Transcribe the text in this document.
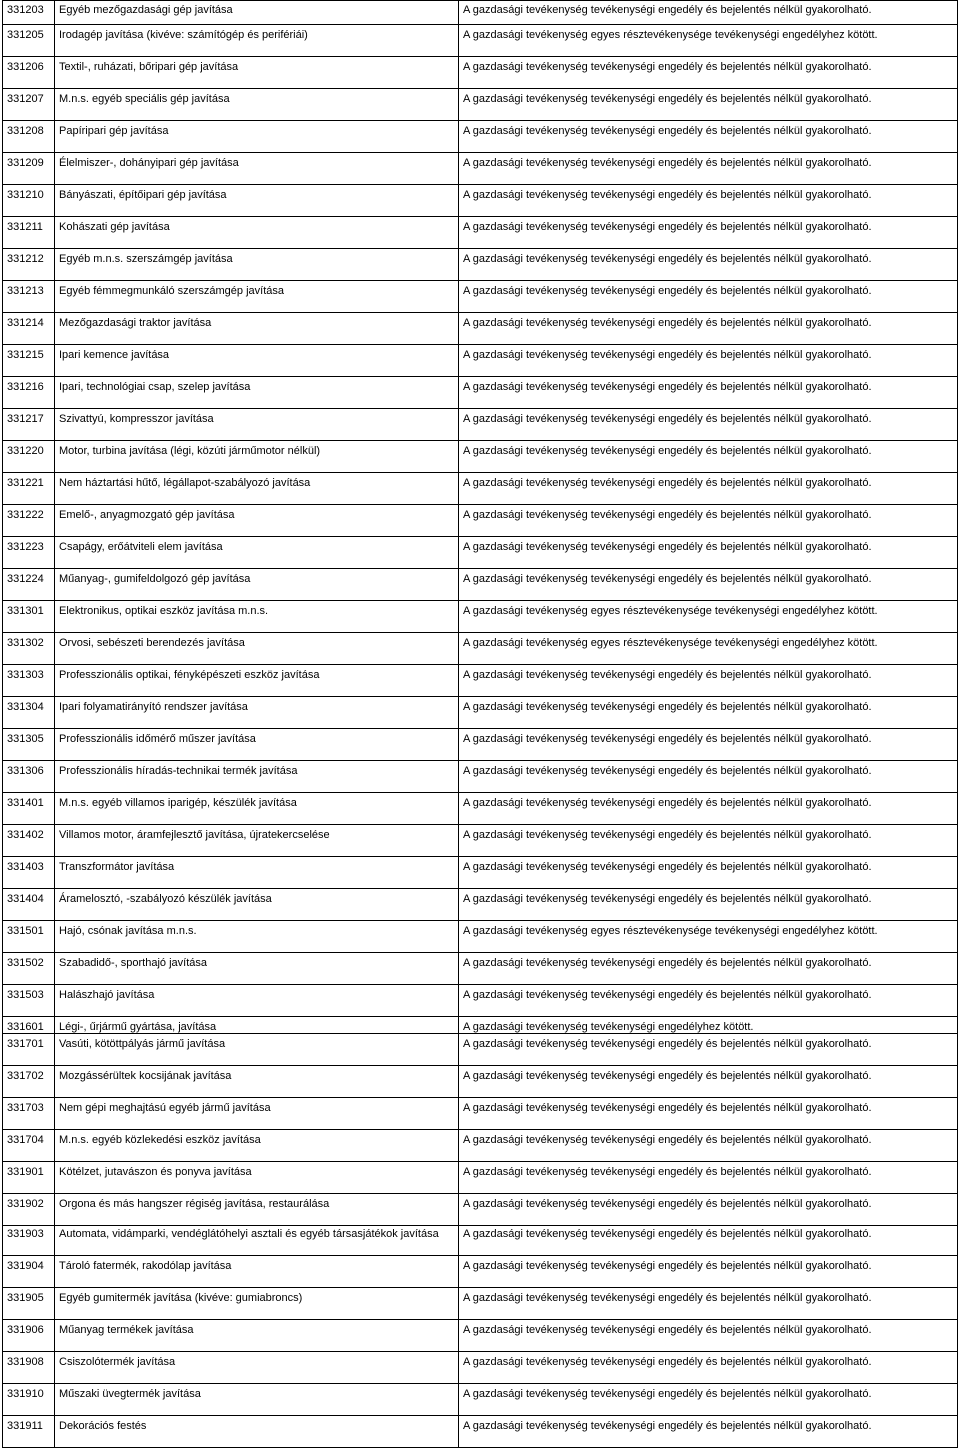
331203	Egyéb mezőgazdasági gép javítása	A gazdasági tevékenység tevékenységi engedély és bejelentés nélkül gyakorolható.
331205	Irodagép javítása (kivéve: számítógép és perifériái)	A gazdasági tevékenység egyes résztevékenysége tevékenységi engedélyhez kötött.
331206	Textil-, ruházati, bőripari gép javítása	A gazdasági tevékenység tevékenységi engedély és bejelentés nélkül gyakorolható.
331207	M.n.s. egyéb speciális gép javítása	A gazdasági tevékenység tevékenységi engedély és bejelentés nélkül gyakorolható.
331208	Papíripari gép javítása	A gazdasági tevékenység tevékenységi engedély és bejelentés nélkül gyakorolható.
331209	Élelmiszer-, dohányipari gép javítása	A gazdasági tevékenység tevékenységi engedély és bejelentés nélkül gyakorolható.
331210	Bányászati, építőipari gép javítása	A gazdasági tevékenység tevékenységi engedély és bejelentés nélkül gyakorolható.
331211	Kohászati gép javítása	A gazdasági tevékenység tevékenységi engedély és bejelentés nélkül gyakorolható.
331212	Egyéb m.n.s. szerszámgép javítása	A gazdasági tevékenység tevékenységi engedély és bejelentés nélkül gyakorolható.
331213	Egyéb fémmegmunkáló szerszámgép javítása	A gazdasági tevékenység tevékenységi engedély és bejelentés nélkül gyakorolható.
331214	Mezőgazdasági traktor javítása	A gazdasági tevékenység tevékenységi engedély és bejelentés nélkül gyakorolható.
331215	Ipari kemence javítása	A gazdasági tevékenység tevékenységi engedély és bejelentés nélkül gyakorolható.
331216	Ipari, technológiai csap, szelep javítása	A gazdasági tevékenység tevékenységi engedély és bejelentés nélkül gyakorolható.
331217	Szivattyú, kompresszor javítása	A gazdasági tevékenység tevékenységi engedély és bejelentés nélkül gyakorolható.
331220	Motor, turbina javítása (légi, közúti járműmotor nélkül)	A gazdasági tevékenység tevékenységi engedély és bejelentés nélkül gyakorolható.
331221	Nem háztartási hűtő, légállapot-szabályozó javítása	A gazdasági tevékenység tevékenységi engedély és bejelentés nélkül gyakorolható.
331222	Emelő-, anyagmozgató gép javítása	A gazdasági tevékenység tevékenységi engedély és bejelentés nélkül gyakorolható.
331223	Csapágy, erőátviteli elem javítása	A gazdasági tevékenység tevékenységi engedély és bejelentés nélkül gyakorolható.
331224	Műanyag-, gumifeldolgozó gép javítása	A gazdasági tevékenység tevékenységi engedély és bejelentés nélkül gyakorolható.
331301	Elektronikus, optikai eszköz javítása m.n.s.	A gazdasági tevékenység egyes résztevékenysége tevékenységi engedélyhez kötött.
331302	Orvosi, sebészeti berendezés javítása	A gazdasági tevékenység egyes résztevékenysége tevékenységi engedélyhez kötött.
331303	Professzionális optikai, fényképészeti eszköz javítása	A gazdasági tevékenység tevékenységi engedély és bejelentés nélkül gyakorolható.
331304	Ipari folyamatirányító rendszer javítása	A gazdasági tevékenység tevékenységi engedély és bejelentés nélkül gyakorolható.
331305	Professzionális időmérő műszer javítása	A gazdasági tevékenység tevékenységi engedély és bejelentés nélkül gyakorolható.
331306	Professzionális híradás-technikai termék javítása	A gazdasági tevékenység tevékenységi engedély és bejelentés nélkül gyakorolható.
331401	M.n.s. egyéb villamos iparigép, készülék javítása	A gazdasági tevékenység tevékenységi engedély és bejelentés nélkül gyakorolható.
331402	Villamos motor, áramfejlesztő javítása, újratekercselése	A gazdasági tevékenység tevékenységi engedély és bejelentés nélkül gyakorolható.
331403	Transzformátor javítása	A gazdasági tevékenység tevékenységi engedély és bejelentés nélkül gyakorolható.
331404	Áramelosztó, -szabályozó készülék javítása	A gazdasági tevékenység tevékenységi engedély és bejelentés nélkül gyakorolható.
331501	Hajó, csónak javítása m.n.s.	A gazdasági tevékenység egyes résztevékenysége tevékenységi engedélyhez kötött.
331502	Szabadidő-, sporthajó javítása	A gazdasági tevékenység tevékenységi engedély és bejelentés nélkül gyakorolható.
331503	Halászhajó javítása	A gazdasági tevékenység tevékenységi engedély és bejelentés nélkül gyakorolható.
331601	Légi-, űrjármű gyártása, javítása	A gazdasági tevékenység tevékenységi engedélyhez kötött.
331701	Vasúti, kötöttpályás jármű javítása	A gazdasági tevékenység tevékenységi engedély és bejelentés nélkül gyakorolható.
331702	Mozgássérültek kocsijának javítása	A gazdasági tevékenység tevékenységi engedély és bejelentés nélkül gyakorolható.
331703	Nem gépi meghajtású egyéb jármű javítása	A gazdasági tevékenység tevékenységi engedély és bejelentés nélkül gyakorolható.
331704	M.n.s. egyéb közlekedési eszköz javítása	A gazdasági tevékenység tevékenységi engedély és bejelentés nélkül gyakorolható.
331901	Kötélzet, jutavászon és ponyva javítása	A gazdasági tevékenység tevékenységi engedély és bejelentés nélkül gyakorolható.
331902	Orgona és más hangszer régiség javítása, restaurálása	A gazdasági tevékenység tevékenységi engedély és bejelentés nélkül gyakorolható.
331903	Automata, vidámparki, vendéglátóhelyi asztali és egyéb társasjátékok javítása	A gazdasági tevékenység tevékenységi engedély és bejelentés nélkül gyakorolható.
331904	Tároló fatermék, rakodólap javítása	A gazdasági tevékenység tevékenységi engedély és bejelentés nélkül gyakorolható.
331905	Egyéb gumitermék javítása (kivéve: gumiabroncs)	A gazdasági tevékenység tevékenységi engedély és bejelentés nélkül gyakorolható.
331906	Műanyag termékek javítása	A gazdasági tevékenység tevékenységi engedély és bejelentés nélkül gyakorolható.
331908	Csiszolótermék javítása	A gazdasági tevékenység tevékenységi engedély és bejelentés nélkül gyakorolható.
331910	Műszaki üvegtermék javítása	A gazdasági tevékenység tevékenységi engedély és bejelentés nélkül gyakorolható.
331911	Dekorációs festés	A gazdasági tevékenység tevékenységi engedély és bejelentés nélkül gyakorolható.
